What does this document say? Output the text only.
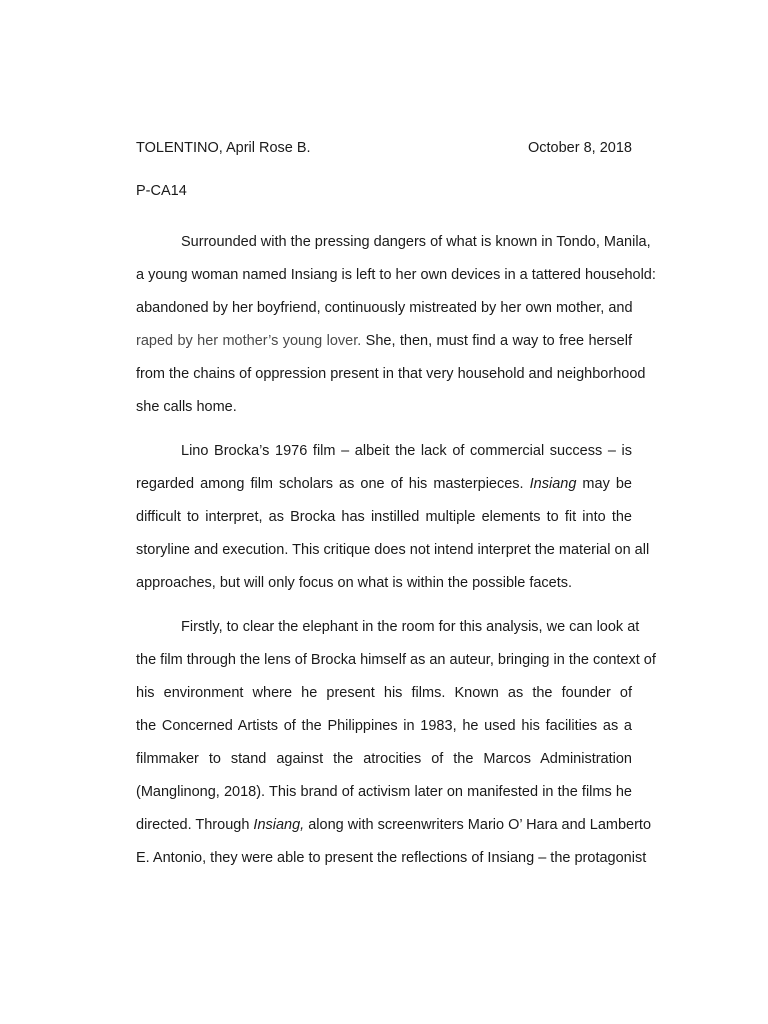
TOLENTINO, April Rose B.	October 8, 2018
P-CA14
Surrounded with the pressing dangers of what is known in Tondo, Manila,
a young woman named Insiang is left to her own devices in a tattered household:
abandoned by her boyfriend, continuously mistreated by her own mother, and
raped by her mother’s young lover. She, then, must find a way to free herself
from the chains of oppression present in that very household and neighborhood
she calls home.
Lino Brocka’s 1976 film – albeit the lack of commercial success – is
regarded among film scholars as one of his masterpieces. Insiang may be
difficult to interpret, as Brocka has instilled multiple elements to fit into the
storyline and execution. This critique does not intend interpret the material on all
approaches, but will only focus on what is within the possible facets.
Firstly, to clear the elephant in the room for this analysis, we can look at
the film through the lens of Brocka himself as an auteur, bringing in the context of
his environment where he present his films. Known as the founder of
the Concerned Artists of the Philippines in 1983, he used his facilities as a
filmmaker to stand against the atrocities of the Marcos Administration
(Manglinong, 2018). This brand of activism later on manifested in the films he
directed. Through Insiang, along with screenwriters Mario O’ Hara and Lamberto
E. Antonio, they were able to present the reflections of Insiang – the protagonist
